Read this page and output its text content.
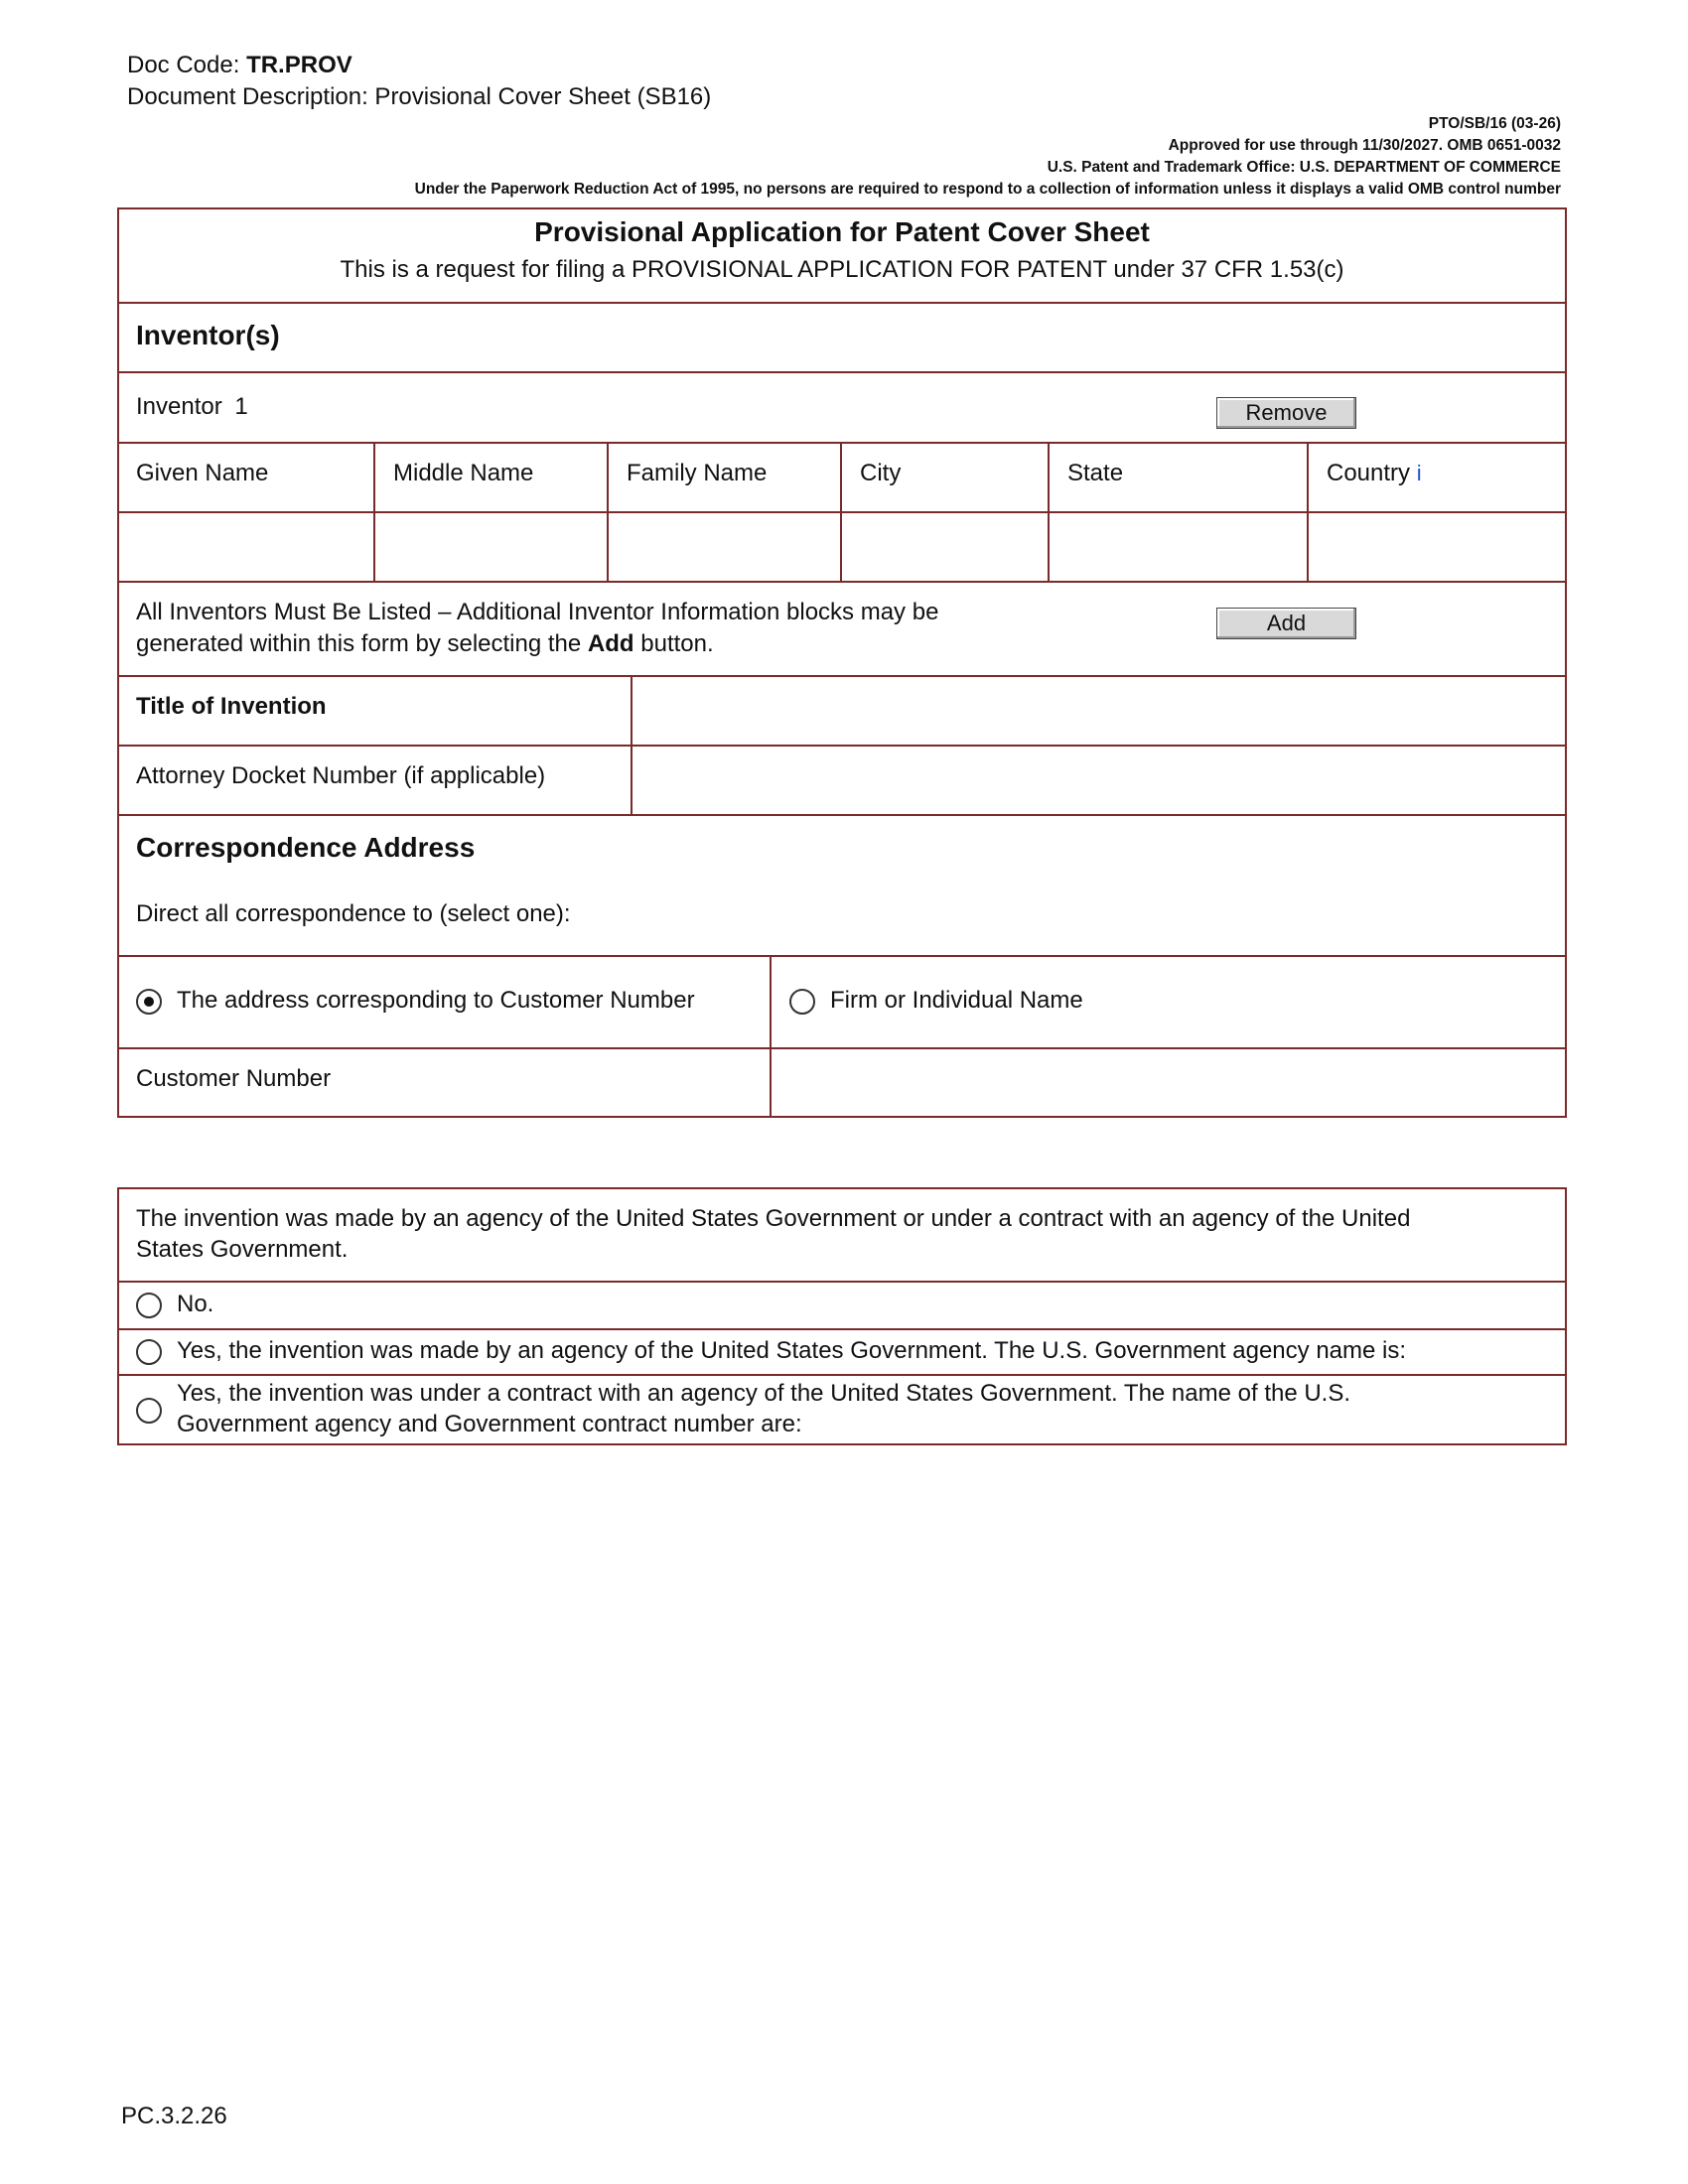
Doc Code: TR.PROV
Document Description: Provisional Cover Sheet (SB16)
PTO/SB/16 (03-26)
Approved for use through 11/30/2027. OMB 0651-0032
U.S. Patent and Trademark Office: U.S. DEPARTMENT OF COMMERCE
Under the Paperwork Reduction Act of 1995, no persons are required to respond to a collection of information unless it displays a valid OMB control number
Provisional Application for Patent Cover Sheet
This is a request for filing a PROVISIONAL APPLICATION FOR PATENT under 37 CFR 1.53(c)
Inventor(s)
Inventor 1	Remove
Given Name	Middle Name	Family Name	City	State	Country i
All Inventors Must Be Listed – Additional Inventor Information blocks may be
generated within this form by selecting the Add button.
Add
Title of Invention
Attorney Docket Number (if applicable)
Correspondence Address
Direct all correspondence to (select one):
The address corresponding to Customer Number	Firm or Individual Name
Customer Number
The invention was made by an agency of the United States Government or under a contract with an agency of the United
States Government.
No.
Yes, the invention was made by an agency of the United States Government. The U.S. Government agency name is:
Yes, the invention was under a contract with an agency of the United States Government. The name of the U.S.
Government agency and Government contract number are:
PC.3.2.26
